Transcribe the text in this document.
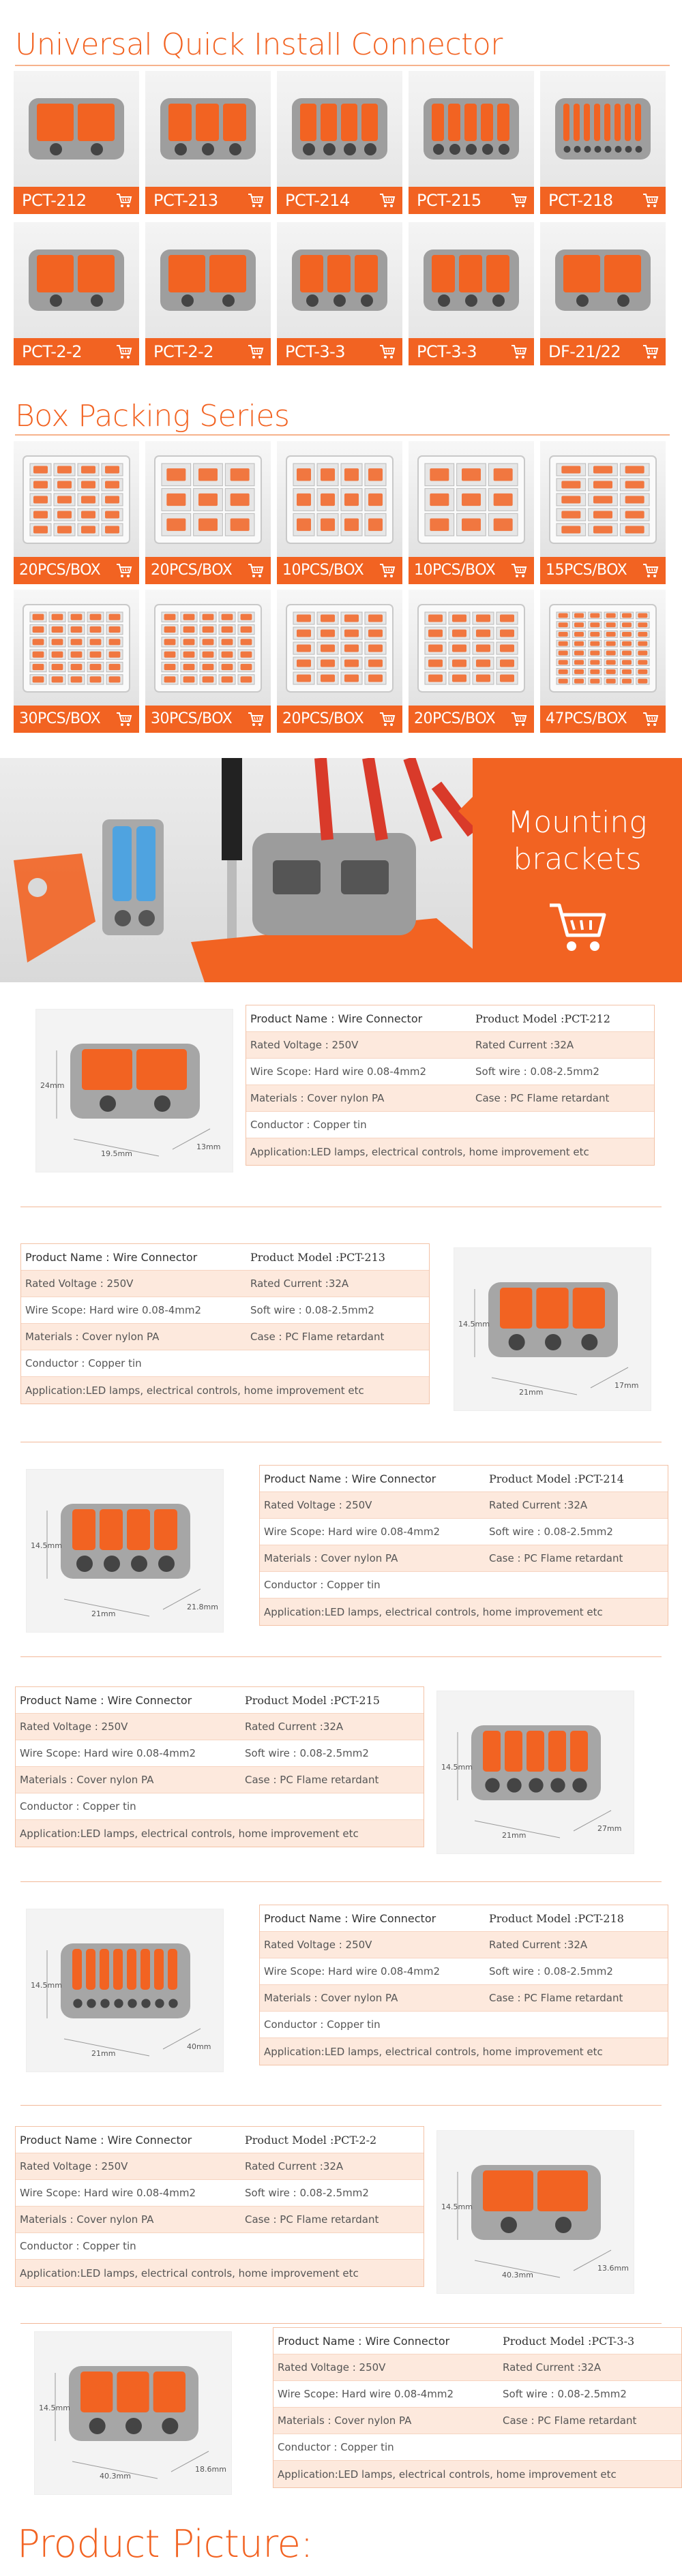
Universal Quick Install Connector
PCT-212	PCT-213	PCT-214	PCT-215	PCT-218
PCT-2-2	PCT-2-2	PCT-3-3	PCT-3-3	DF-21/22
Box Packing Series
20PCS/BOX	20PCS/BOX	10PCS/BOX	10PCS/BOX	15PCS/BOX
30PCS/BOX	30PCS/BOX	20PCS/BOX	20PCS/BOX	47PCS/BOX
Mounting
brackets
24mm
19.5mm
13mm
Product Name : Wire Connector	Product Model :PCT-212
Rated Voltage : 250V	Rated Current :32A
Wire Scope: Hard wire 0.08-4mm2	Soft wire : 0.08-2.5mm2
Materials : Cover nylon PA	Case : PC Flame retardant
Conductor : Copper tin
Application:LED lamps, electrical controls, home improvement etc
14.5mm
21mm
17mm
Product Name : Wire Connector	Product Model :PCT-213
Rated Voltage : 250V	Rated Current :32A
Wire Scope: Hard wire 0.08-4mm2	Soft wire : 0.08-2.5mm2
Materials : Cover nylon PA	Case : PC Flame retardant
Conductor : Copper tin
Application:LED lamps, electrical controls, home improvement etc
14.5mm
21mm
21.8mm
Product Name : Wire Connector	Product Model :PCT-214
Rated Voltage : 250V	Rated Current :32A
Wire Scope: Hard wire 0.08-4mm2	Soft wire : 0.08-2.5mm2
Materials : Cover nylon PA	Case : PC Flame retardant
Conductor : Copper tin
Application:LED lamps, electrical controls, home improvement etc
14.5mm
21mm
27mm
Product Name : Wire Connector	Product Model :PCT-215
Rated Voltage : 250V	Rated Current :32A
Wire Scope: Hard wire 0.08-4mm2	Soft wire : 0.08-2.5mm2
Materials : Cover nylon PA	Case : PC Flame retardant
Conductor : Copper tin
Application:LED lamps, electrical controls, home improvement etc
14.5mm
21mm
40mm
Product Name : Wire Connector	Product Model :PCT-218
Rated Voltage : 250V	Rated Current :32A
Wire Scope: Hard wire 0.08-4mm2	Soft wire : 0.08-2.5mm2
Materials : Cover nylon PA	Case : PC Flame retardant
Conductor : Copper tin
Application:LED lamps, electrical controls, home improvement etc
14.5mm
40.3mm
13.6mm
Product Name : Wire Connector	Product Model :PCT-2-2
Rated Voltage : 250V	Rated Current :32A
Wire Scope: Hard wire 0.08-4mm2	Soft wire : 0.08-2.5mm2
Materials : Cover nylon PA	Case : PC Flame retardant
Conductor : Copper tin
Application:LED lamps, electrical controls, home improvement etc
14.5mm
40.3mm
18.6mm
Product Name : Wire Connector	Product Model :PCT-3-3
Rated Voltage : 250V	Rated Current :32A
Wire Scope: Hard wire 0.08-4mm2	Soft wire : 0.08-2.5mm2
Materials : Cover nylon PA	Case : PC Flame retardant
Conductor : Copper tin
Application:LED lamps, electrical controls, home improvement etc
Product Picture:
